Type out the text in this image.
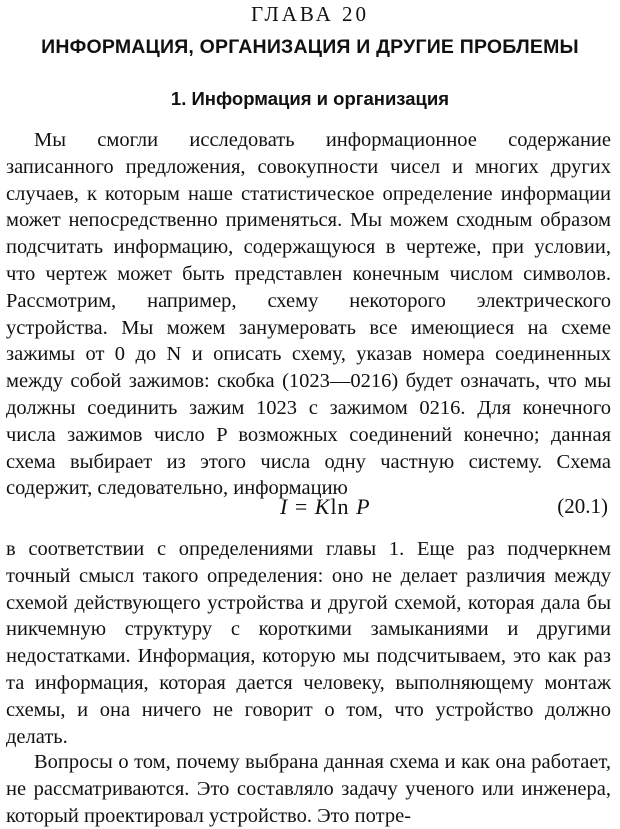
ГЛАВА 20
ИНФОРМАЦИЯ, ОРГАНИЗАЦИЯ И ДРУГИЕ ПРОБЛЕМЫ
1. Информация и организация

Мы смогли исследовать информационное содержание записанного предложения, совокупности чисел и многих других случаев, к которым наше статистическое определение информации может непосредственно применяться. Мы можем сходным образом подсчитать информацию, содержащуюся в чертеже, при условии, что чертеж может быть представлен конечным числом символов. Рассмотрим, например, схему некоторого электрического устройства. Мы можем занумеровать все имеющиеся на схеме зажимы от 0 до N и описать схему, указав номера соединенных между собой зажимов: скобка (1023—0216) будет означать, что мы должны соединить зажим 1023 с зажимом 0216. Для конечного числа зажимов число P возможных соединений конечно; данная схема выбирает из этого числа одну частную систему. Схема содержит, следовательно, информацию

I = Kln P	(20.1)

в соответствии с определениями главы 1. Еще раз подчеркнем точный смысл такого определения: оно не делает различия между схемой действующего устройства и другой схемой, которая дала бы никчемную структуру с короткими замыканиями и другими недостатками. Информация, которую мы подсчитываем, это как раз та информация, которая дается человеку, выполняющему монтаж схемы, и она ничего не говорит о том, что устройство должно делать.

Вопросы о том, почему выбрана данная схема и как она работает, не рассматриваются. Это составляло задачу ученого или инженера, который проектировал устройство. Это потре-
